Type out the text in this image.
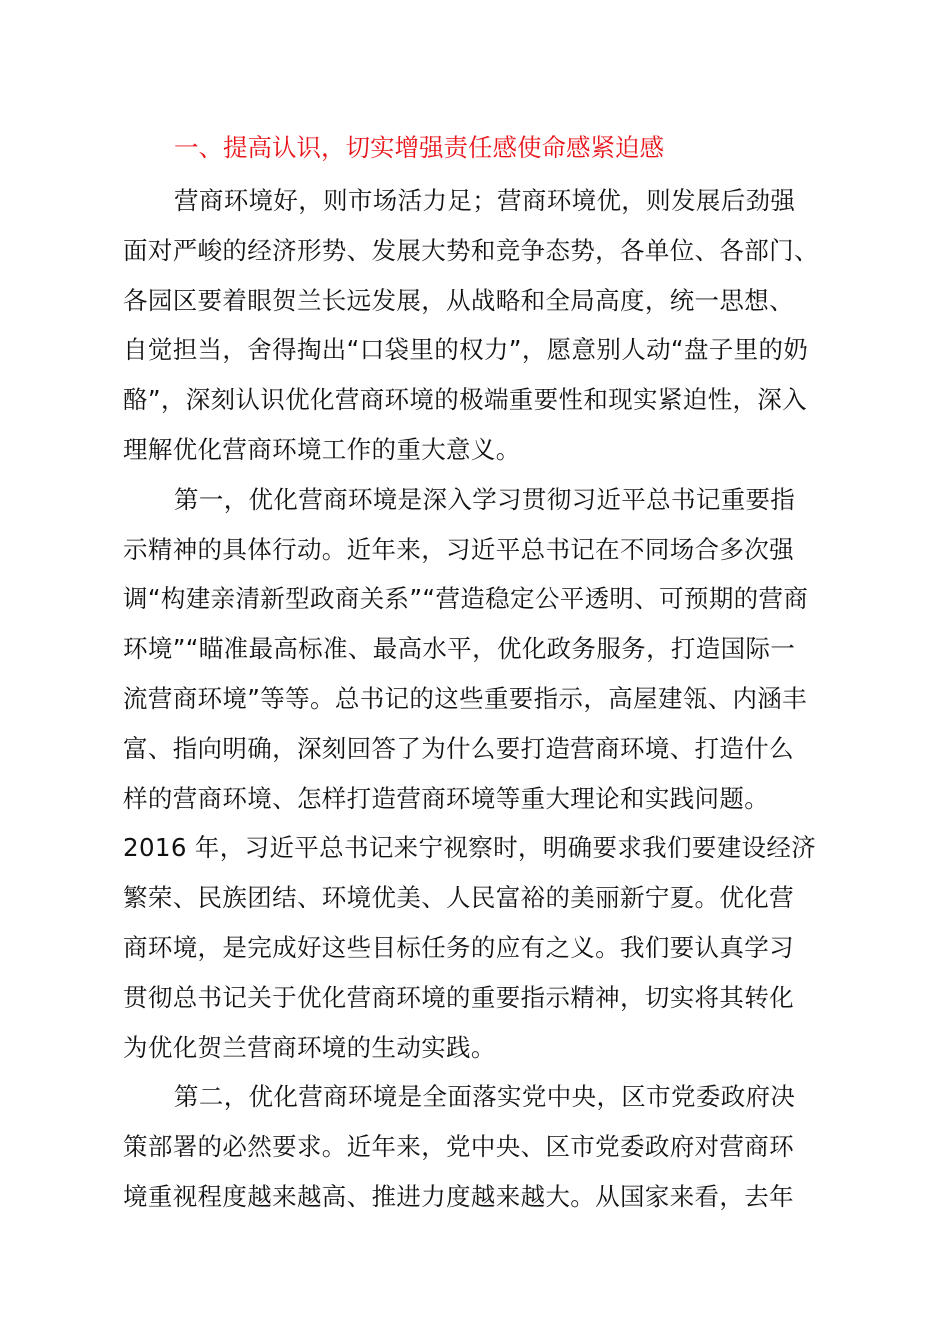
一、提高认识，切实增强责任感使命感紧迫感
营商环境好，则市场活力足；营商环境优，则发展后劲强
面对严峻的经济形势、发展大势和竞争态势，各单位、各部门、
各园区要着眼贺兰长远发展，从战略和全局高度，统一思想、
自觉担当，舍得掏出“口袋里的权力”，愿意别人动“盘子里的奶
酪”，深刻认识优化营商环境的极端重要性和现实紧迫性，深入
理解优化营商环境工作的重大意义。
第一，优化营商环境是深入学习贯彻习近平总书记重要指
示精神的具体行动。近年来，习近平总书记在不同场合多次强
调“构建亲清新型政商关系”“营造稳定公平透明、可预期的营商
环境”“瞄准最高标准、最高水平，优化政务服务，打造国际一
流营商环境”等等。总书记的这些重要指示，高屋建瓴、内涵丰
富、指向明确，深刻回答了为什么要打造营商环境、打造什么
样的营商环境、怎样打造营商环境等重大理论和实践问题。
2016 年，习近平总书记来宁视察时，明确要求我们要建设经济
繁荣、民族团结、环境优美、人民富裕的美丽新宁夏。优化营
商环境，是完成好这些目标任务的应有之义。我们要认真学习
贯彻总书记关于优化营商环境的重要指示精神，切实将其转化
为优化贺兰营商环境的生动实践。
第二，优化营商环境是全面落实党中央，区市党委政府决
策部署的必然要求。近年来，党中央、区市党委政府对营商环
境重视程度越来越高、推进力度越来越大。从国家来看，去年
